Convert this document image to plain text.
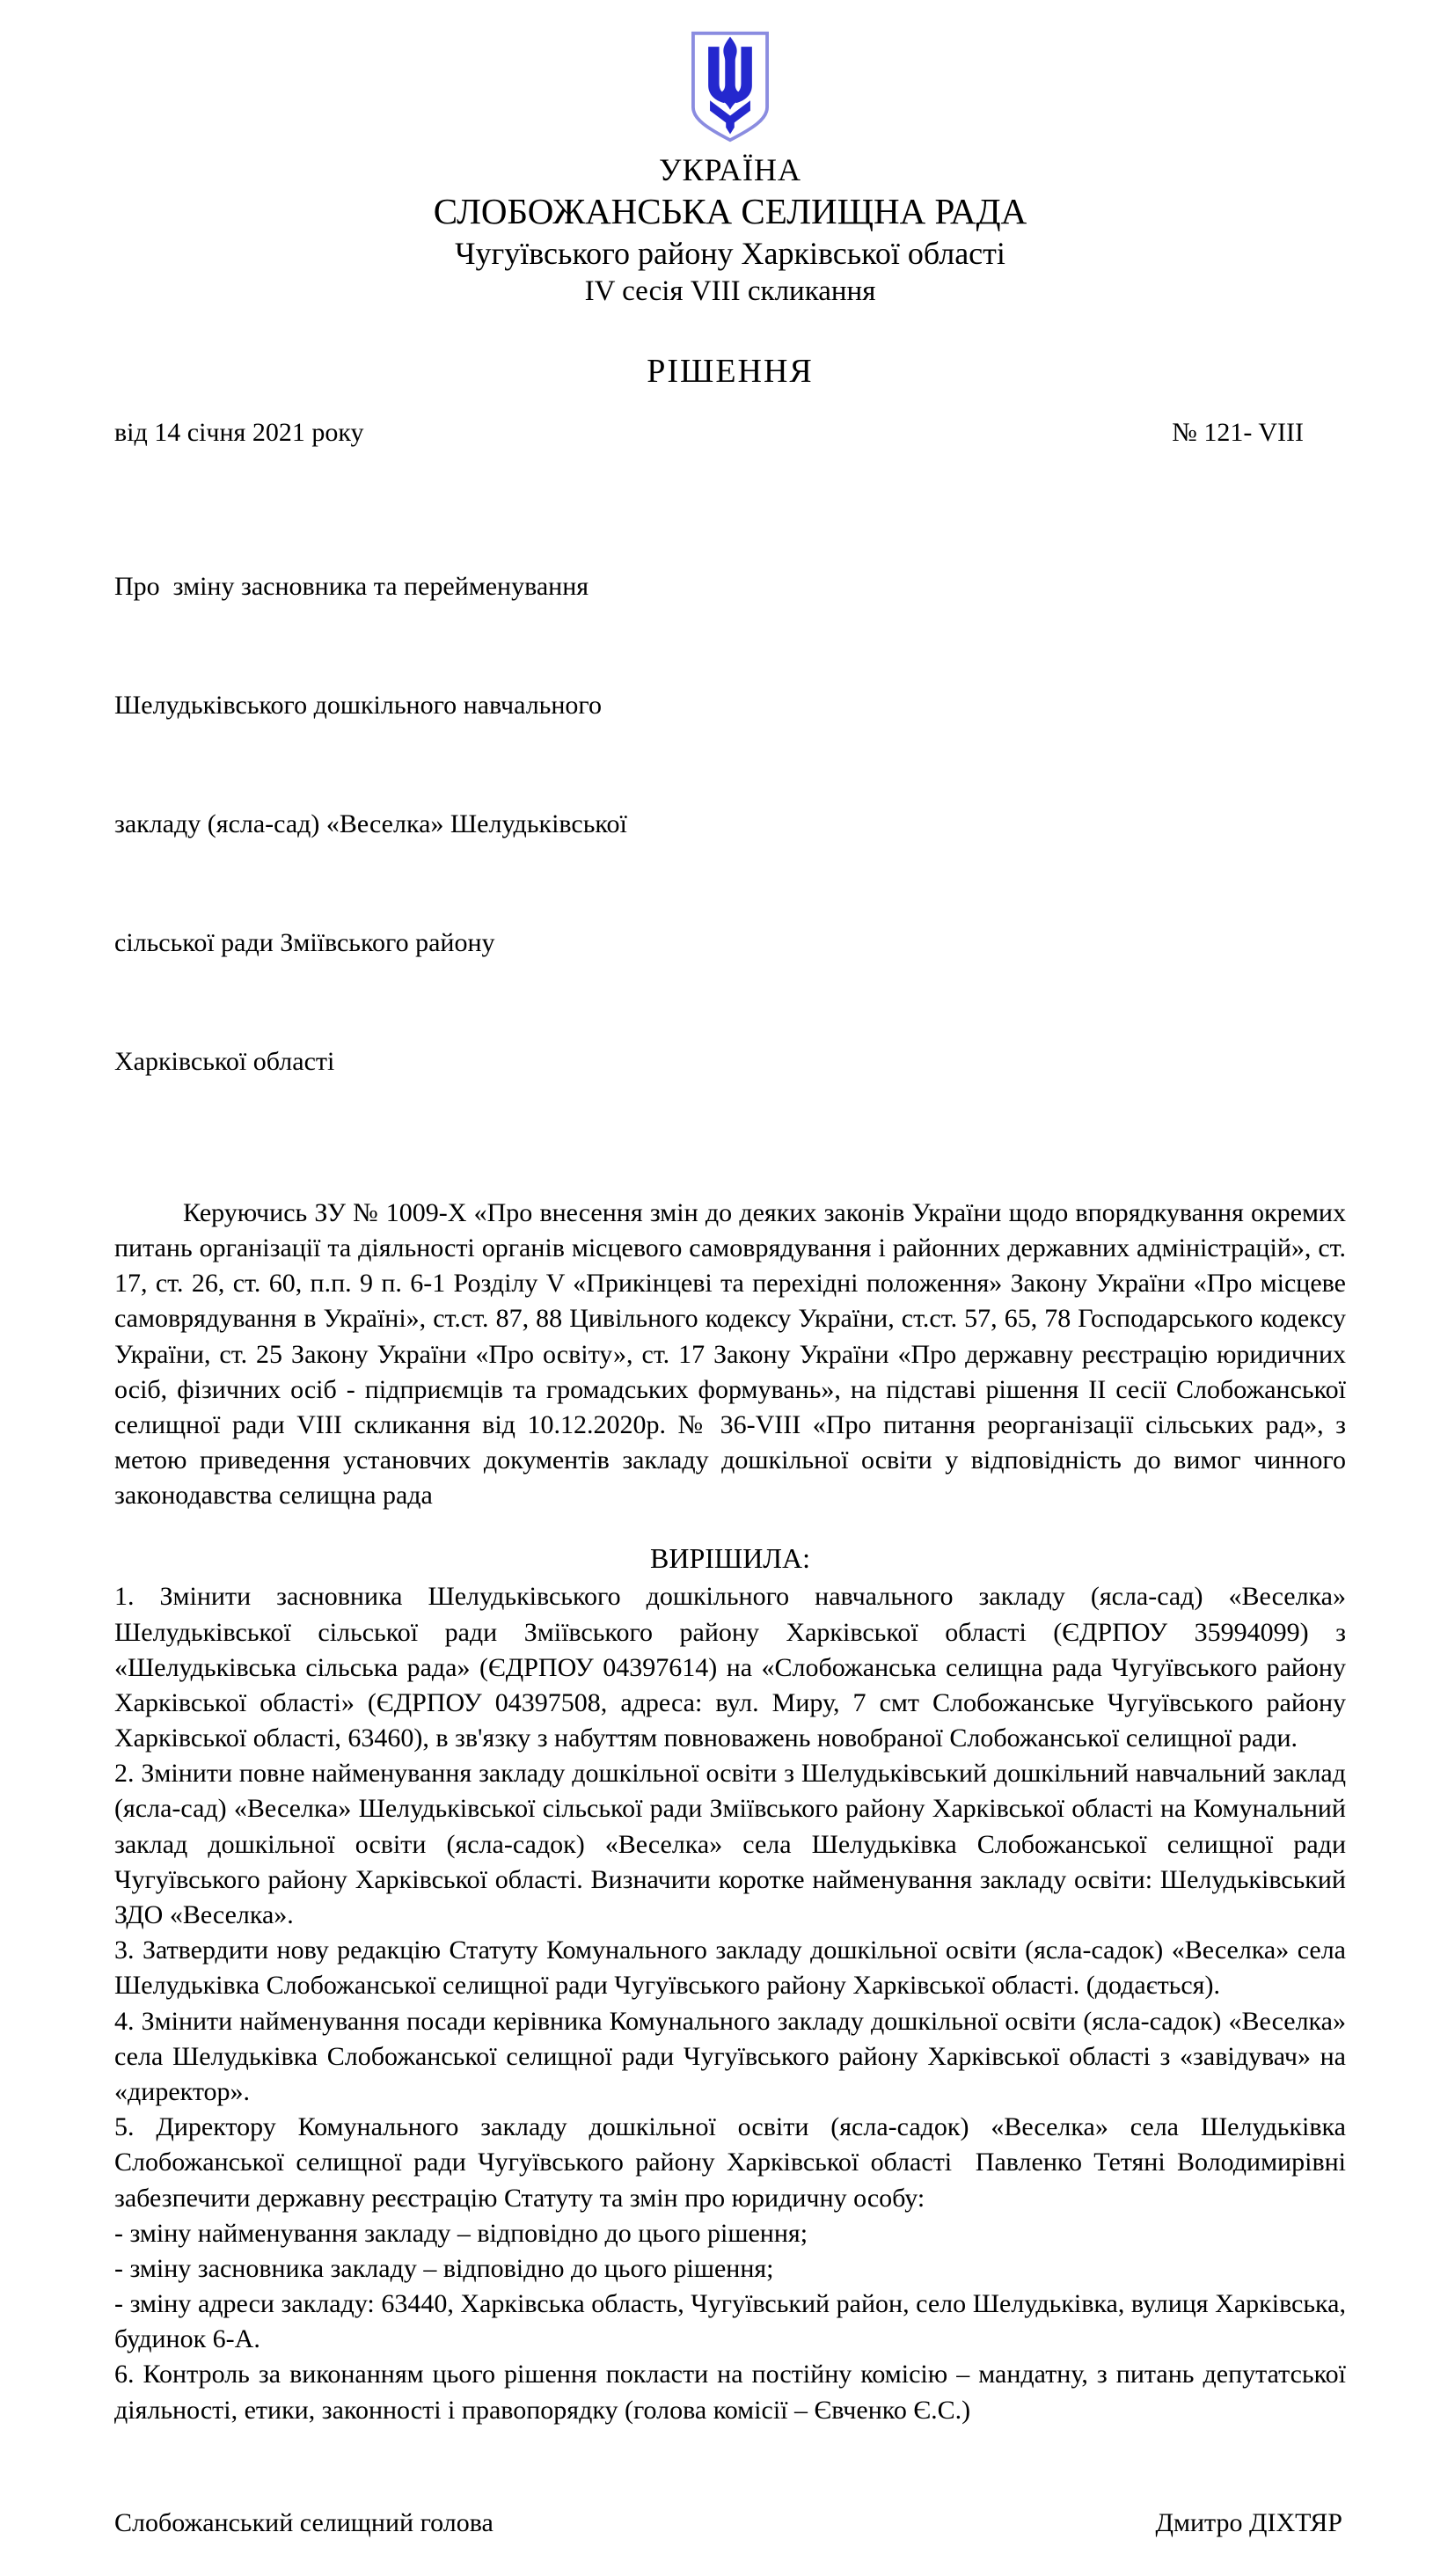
УКРАЇНА
СЛОБОЖАНСЬКА СЕЛИЩНА РАДА
Чугуївського району Харківської області
IV сесія VIII скликання
РІШЕННЯ
від 14 січня 2021 року	№ 121- VIII

Про  зміну засновника та перейменування

Шелудьківського дошкільного навчального

закладу (ясла-сад) «Веселка» Шелудьківської

сільської ради Зміївського району

Харківської області

Керуючись ЗУ № 1009-X «Про внесення змін до деяких законів України щодо впорядкування окремих питань організації та діяльності органів місцевого самоврядування і районних державних адміністрацій», ст. 17, ст. 26, ст. 60, п.п. 9 п. 6-1 Розділу V «Прикінцеві та перехідні положення» Закону України «Про місцеве самоврядування в Україні», ст.ст. 87, 88 Цивільного кодексу України, ст.ст. 57, 65, 78 Господарського кодексу України, ст. 25 Закону України «Про освіту», ст. 17 Закону України «Про державну реєстрацію юридичних осіб, фізичних осіб - підприємців та громадських формувань», на підставі рішення II сесії Слобожанської селищної ради VIII скликання від 10.12.2020р. № 36-VIII «Про питання реорганізації сільських рад», з метою приведення установчих документів закладу дошкільної освіти у відповідність до вимог чинного законодавства селищна рада

ВИРІШИЛА:

1. Змінити засновника Шелудьківського дошкільного навчального закладу (ясла-сад) «Веселка» Шелудьківської сільської ради Зміївського району Харківської області (ЄДРПОУ 35994099) з «Шелудьківська сільська рада» (ЄДРПОУ 04397614) на «Слобожанська селищна рада Чугуївського району Харківської області» (ЄДРПОУ 04397508, адреса: вул. Миру, 7 смт Слобожанське Чугуївського району Харківської області, 63460), в зв'язку з набуттям повноважень новобраної Слобожанської селищної ради.

2. Змінити повне найменування закладу дошкільної освіти з Шелудьківський дошкільний навчальний заклад (ясла-сад) «Веселка» Шелудьківської сільської ради Зміївського району Харківської області на Комунальний заклад дошкільної освіти (ясла-садок) «Веселка» села Шелудьківка Слобожанської селищної ради Чугуївського району Харківської області. Визначити коротке найменування закладу освіти: Шелудьківський ЗДО «Веселка».

3. Затвердити нову редакцію Статуту Комунального закладу дошкільної освіти (ясла-садок) «Веселка» села Шелудьківка Слобожанської селищної ради Чугуївського району Харківської області. (додається).

4. Змінити найменування посади керівника Комунального закладу дошкільної освіти (ясла-садок) «Веселка» села Шелудьківка Слобожанської селищної ради Чугуївського району Харківської області з «завідувач» на «директор».

5. Директору Комунального закладу дошкільної освіти (ясла-садок) «Веселка» села Шелудьківка Слобожанської селищної ради Чугуївського району Харківської області  Павленко Тетяні Володимирівні забезпечити державну реєстрацію Статуту та змін про юридичну особу:

- зміну найменування закладу – відповідно до цього рішення;

- зміну засновника закладу – відповідно до цього рішення;

- зміну адреси закладу: 63440, Харківська область, Чугуївський район, село Шелудьківка, вулиця Харківська, будинок 6-А.

6. Контроль за виконанням цього рішення покласти на постійну комісію – мандатну, з питань депутатської діяльності, етики, законності і правопорядку (голова комісії – Євченко Є.С.)

Слобожанський селищний голова	Дмитро ДІХТЯР
